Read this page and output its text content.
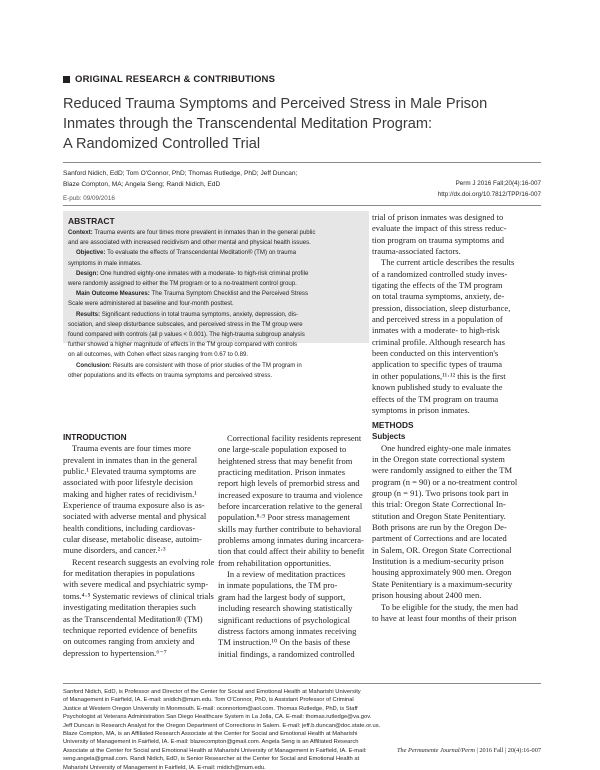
ORIGINAL RESEARCH & CONTRIBUTIONS
Reduced Trauma Symptoms and Perceived Stress in Male Prison
Inmates through the Transcendental Meditation Program:
A Randomized Controlled Trial
Sanford Nidich, EdD; Tom O'Connor, PhD; Thomas Rutledge, PhD; Jeff Duncan;
Blaze Compton, MA; Angela Seng; Randi Nidich, EdD	Perm J 2016 Fall;20(4):16-007
http://dx.doi.org/10.7812/TPP/16-007
E-pub: 09/09/2016
ABSTRACT
Context: Trauma events are four times more prevalent in inmates than in the general public
and are associated with increased recidivism and other mental and physical health issues.
Objective: To evaluate the effects of Transcendental Meditation® (TM) on trauma
symptoms in male inmates.
Design: One hundred eighty-one inmates with a moderate- to high-risk criminal profile
were randomly assigned to either the TM program or to a no-treatment control group.
Main Outcome Measures: The Trauma Symptom Checklist and the Perceived Stress
Scale were administered at baseline and four-month posttest.
Results: Significant reductions in total trauma symptoms, anxiety, depression, dis-
sociation, and sleep disturbance subscales, and perceived stress in the TM group were
found compared with controls (all p values < 0.001). The high-trauma subgroup analysis
further showed a higher magnitude of effects in the TM group compared with controls
on all outcomes, with Cohen effect sizes ranging from 0.67 to 0.89.
Conclusion: Results are consistent with those of prior studies of the TM program in
other populations and its effects on trauma symptoms and perceived stress.
trial of prison inmates was designed to
evaluate the impact of this stress reduc-
tion program on trauma symptoms and
trauma-associated factors.
The current article describes the results
of a randomized controlled study inves-
tigating the effects of the TM program
on total trauma symptoms, anxiety, de-
pression, dissociation, sleep disturbance,
and perceived stress in a population of
inmates with a moderate- to high-risk
criminal profile. Although research has
been conducted on this intervention's
application to specific types of trauma
in other populations,¹¹·¹² this is the first
known published study to evaluate the
effects of the TM program on trauma
symptoms in prison inmates.
METHODS
Subjects
One hundred eighty-one male inmates
in the Oregon state correctional system
were randomly assigned to either the TM
program (n = 90) or a no-treatment control
group (n = 91). Two prisons took part in
this trial: Oregon State Correctional In-
stitution and Oregon State Penitentiary.
Both prisons are run by the Oregon De-
partment of Corrections and are located
in Salem, OR. Oregon State Correctional
Institution is a medium-security prison
housing approximately 900 men. Oregon
State Penitentiary is a maximum-security
prison housing about 2400 men.
To be eligible for the study, the men had
to have at least four months of their prison
INTRODUCTION
Trauma events are four times more
prevalent in inmates than in the general
public.¹ Elevated trauma symptoms are
associated with poor lifestyle decision
making and higher rates of recidivism.¹
Experience of trauma exposure also is as-
sociated with adverse mental and physical
health conditions, including cardiovas-
cular disease, metabolic disease, autoim-
mune disorders, and cancer.²·³
Recent research suggests an evolving role
for meditation therapies in populations
with severe medical and psychiatric symp-
toms.⁴·⁵ Systematic reviews of clinical trials
investigating meditation therapies such
as the Transcendental Meditation® (TM)
technique reported evidence of benefits
on outcomes ranging from anxiety and
depression to hypertension.⁶⁻⁷
Correctional facility residents represent
one large-scale population exposed to
heightened stress that may benefit from
practicing meditation. Prison inmates
report high levels of premorbid stress and
increased exposure to trauma and violence
before incarceration relative to the general
population.⁸·⁹ Poor stress management
skills may further contribute to behavioral
problems among inmates during incarcera-
tion that could affect their ability to benefit
from rehabilitation opportunities.
In a review of meditation practices
in inmate populations, the TM pro-
gram had the largest body of support,
including research showing statistically
significant reductions of psychological
distress factors among inmates receiving
TM instruction.¹⁰ On the basis of these
initial findings, a randomized controlled
Sanford Nidich, EdD, is Professor and Director of the Center for Social and Emotional Health at Maharishi University
of Management in Fairfield, IA. E-mail: snidich@mum.edu. Tom O'Connor, PhD, is Assistant Professor of Criminal
Justice at Western Oregon University in Monmouth. E-mail: oconnortom@aol.com. Thomas Rutledge, PhD, is Staff
Psychologist at Veterans Administration San Diego Healthcare System in La Jolla, CA. E-mail: thomas.rutledge@va.gov.
Jeff Duncan is Research Analyst for the Oregon Department of Corrections in Salem. E-mail: jeff.b.duncan@doc.state.or.us.
Blaze Compton, MA, is an Affiliated Research Associate at the Center for Social and Emotional Health at Maharishi
University of Management in Fairfield, IA. E-mail: blazecompton@gmail.com. Angela Seng is an Affiliated Research
Associate at the Center for Social and Emotional Health at Maharishi University of Management in Fairfield, IA. E-mail:
seng.angela@gmail.com. Randi Nidich, EdD, is Senior Researcher at the Center for Social and Emotional Health at
Maharishi University of Management in Fairfield, IA. E-mail: rnidich@mum.edu.
The Permanente Journal/Perm | 2016 Fall | 20(4):16-007
